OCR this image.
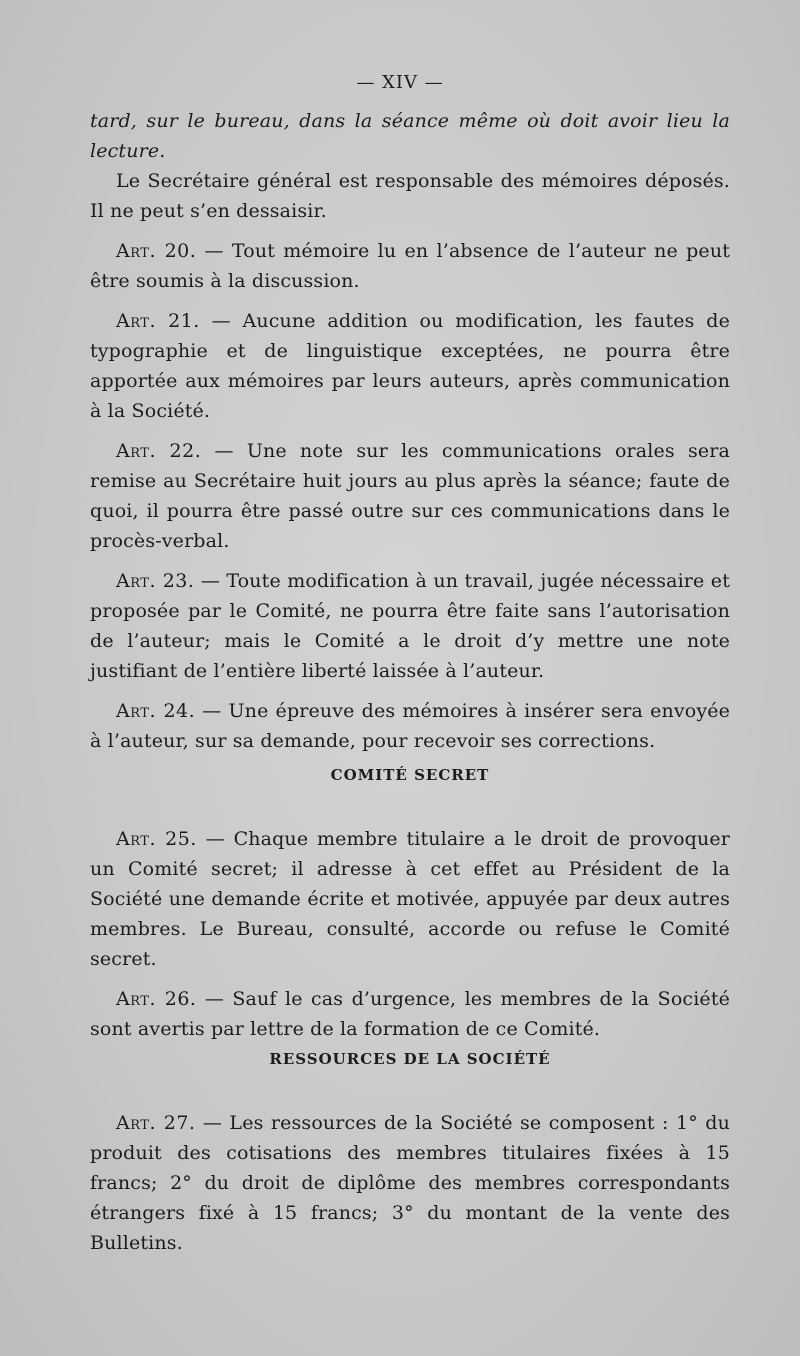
— XIV —

tard, sur le bureau, dans la séance même où doit avoir lieu la lecture.

Le Secrétaire général est responsable des mémoires déposés. Il ne peut s’en dessaisir.

Art. 20. — Tout mémoire lu en l’absence de l’auteur ne peut être soumis à la discussion.

Art. 21. — Aucune addition ou modification, les fautes de typographie et de linguistique exceptées, ne pourra être apportée aux mémoires par leurs auteurs, après communication à la Société.

Art. 22. — Une note sur les communications orales sera remise au Secrétaire huit jours au plus après la séance; faute de quoi, il pourra être passé outre sur ces communications dans le procès-verbal.

Art. 23. — Toute modification à un travail, jugée nécessaire et proposée par le Comité, ne pourra être faite sans l’autorisation de l’auteur; mais le Comité a le droit d’y mettre une note justifiant de l’entière liberté laissée à l’auteur.

Art. 24. — Une épreuve des mémoires à insérer sera envoyée à l’auteur, sur sa demande, pour recevoir ses corrections.

COMITÉ SECRET

Art. 25. — Chaque membre titulaire a le droit de provoquer un Comité secret; il adresse à cet effet au Président de la Société une demande écrite et motivée, appuyée par deux autres membres. Le Bureau, consulté, accorde ou refuse le Comité secret.

Art. 26. — Sauf le cas d’urgence, les membres de la Société sont avertis par lettre de la formation de ce Comité.

RESSOURCES DE LA SOCIÉTÉ

Art. 27. — Les ressources de la Société se composent : 1° du produit des cotisations des membres titulaires fixées à 15 francs; 2° du droit de diplôme des membres correspondants étrangers fixé à 15 francs; 3° du montant de la vente des Bulletins.
